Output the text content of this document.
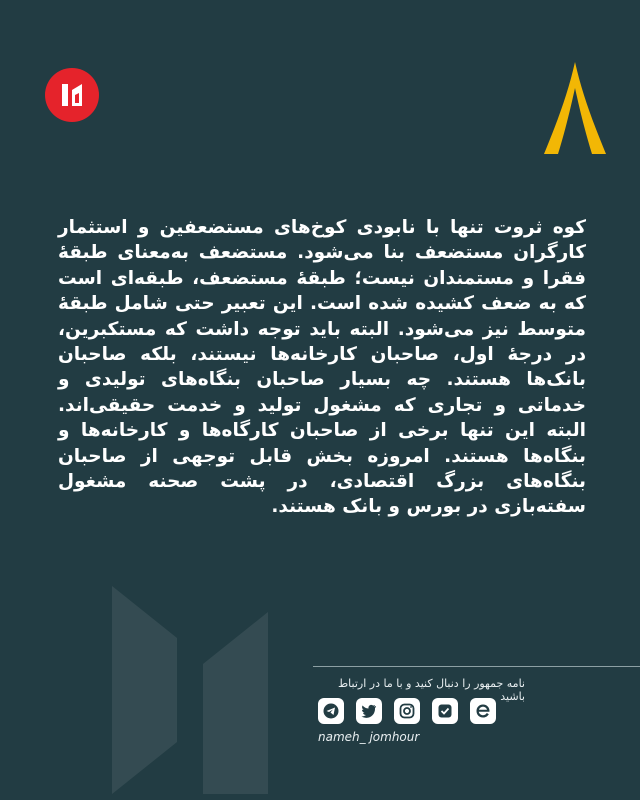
کوه ثروت تنها با نابودی کوخ‌های مستضعفین و استثمار کارگران مستضعف بنا می‌شود. مستضعف به‌معنای طبقهٔ فقرا و مستمندان نیست؛ طبقهٔ مستضعف، طبقه‌ای است که به ضعف کشیده شده است. این تعبیر حتی شامل طبقهٔ متوسط نیز می‌شود. البته باید توجه داشت که مستکبرین، در درجهٔ اول، صاحبان کارخانه‌ها نیستند، بلکه صاحبان بانک‌ها هستند. چه بسیار صاحبان بنگاه‌های تولیدی و خدماتی و تجاری که مشغول تولید و خدمت حقیقی‌اند. البته این تنها برخی از صاحبان کارگاه‌ها و کارخانه‌ها و بنگاه‌ها هستند. امروزه بخش قابل توجهی از صاحبان بنگاه‌های بزرگ اقتصادی، در پشت صحنه مشغول سفته‌بازی در بورس و بانک هستند.
نامه جمهور را دنبال کنید و با ما در ارتباط باشید
nameh_ jomhour
